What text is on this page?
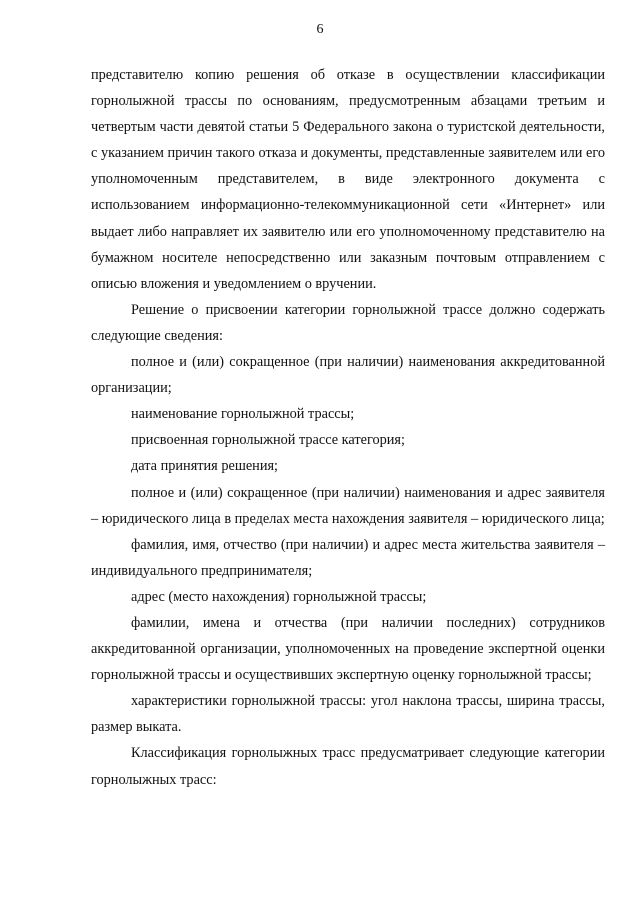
6

представителю копию решения об отказе в осуществлении классификации горнолыжной трассы по основаниям, предусмотренным абзацами третьим и четвертым части девятой статьи 5 Федерального закона о туристской деятельности, с указанием причин такого отказа и документы, представленные заявителем или его уполномоченным представителем, в виде электронного документа с использованием информационно-телекоммуникационной сети «Интернет» или выдает либо направляет их заявителю или его уполномоченному представителю на бумажном носителе непосредственно или заказным почтовым отправлением с описью вложения и уведомлением о вручении.

Решение о присвоении категории горнолыжной трассе должно содержать следующие сведения:

полное и (или) сокращенное (при наличии) наименования аккредитованной организации;

наименование горнолыжной трассы;

присвоенная горнолыжной трассе категория;

дата принятия решения;

полное и (или) сокращенное (при наличии) наименования и адрес заявителя – юридического лица в пределах места нахождения заявителя – юридического лица;

фамилия, имя, отчество (при наличии) и адрес места жительства заявителя – индивидуального предпринимателя;

адрес (место нахождения) горнолыжной трассы;

фамилии, имена и отчества (при наличии последних) сотрудников аккредитованной организации, уполномоченных на проведение экспертной оценки горнолыжной трассы и осуществивших экспертную оценку горнолыжной трассы;

характеристики горнолыжной трассы: угол наклона трассы, ширина трассы, размер выката.

Классификация горнолыжных трасс предусматривает следующие категории горнолыжных трасс:
